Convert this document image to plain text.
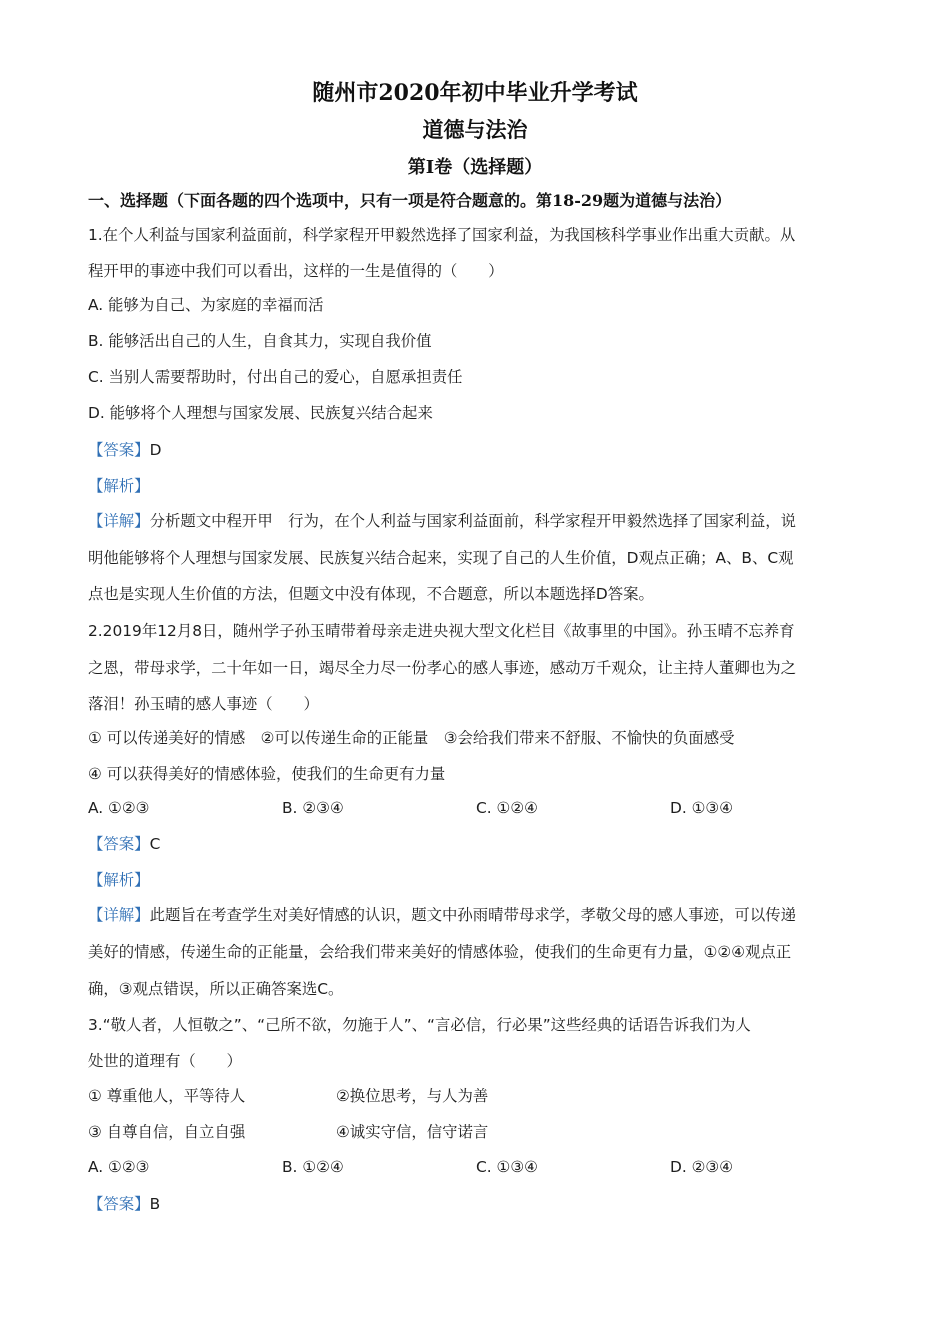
随州市2020年初中毕业升学考试
道德与法治
第Ⅰ卷（选择题）
一、选择题（下面各题的四个选项中，只有一项是符合题意的。第18-29题为道德与法治）
1.在个人利益与国家利益面前，科学家程开甲毅然选择了国家利益，为我国核科学事业作出重大贡献。从
程开甲的事迹中我们可以看出，这样的一生是值得的（　　）
A. 能够为自己、为家庭的幸福而活
B. 能够活出自己的人生，自食其力，实现自我价值
C. 当别人需要帮助时，付出自己的爱心，自愿承担责任
D. 能够将个人理想与国家发展、民族复兴结合起来
【答案】D
【解析】
【详解】分析题文中程开甲　行为，在个人利益与国家利益面前，科学家程开甲毅然选择了国家利益，说
明他能够将个人理想与国家发展、民族复兴结合起来，实现了自己的人生价值，D观点正确；A、B、C观
点也是实现人生价值的方法，但题文中没有体现，不合题意，所以本题选择D答案。
2.2019年12月8日，随州学子孙玉晴带着母亲走进央视大型文化栏目《故事里的中国》。孙玉晴不忘养育
之恩，带母求学，二十年如一日，竭尽全力尽一份孝心的感人事迹，感动万千观众，让主持人董卿也为之
落泪！孙玉晴的感人事迹（　　）
① 可以传递美好的情感　②可以传递生命的正能量　③会给我们带来不舒服、不愉快的负面感受
④ 可以获得美好的情感体验，使我们的生命更有力量
A. ①②③	B. ②③④	C. ①②④	D. ①③④
【答案】C
【解析】
【详解】此题旨在考查学生对美好情感的认识，题文中孙雨晴带母求学，孝敬父母的感人事迹，可以传递
美好的情感，传递生命的正能量，会给我们带来美好的情感体验，使我们的生命更有力量，①②④观点正
确，③观点错误，所以正确答案选C。
3.“敬人者，人恒敬之”、“己所不欲，勿施于人”、“言必信，行必果”这些经典的话语告诉我们为人
处世的道理有（　　）
① 尊重他人，平等待人	②换位思考，与人为善
③ 自尊自信，自立自强	④诚实守信，信守诺言
A. ①②③	B. ①②④	C. ①③④	D. ②③④
【答案】B
